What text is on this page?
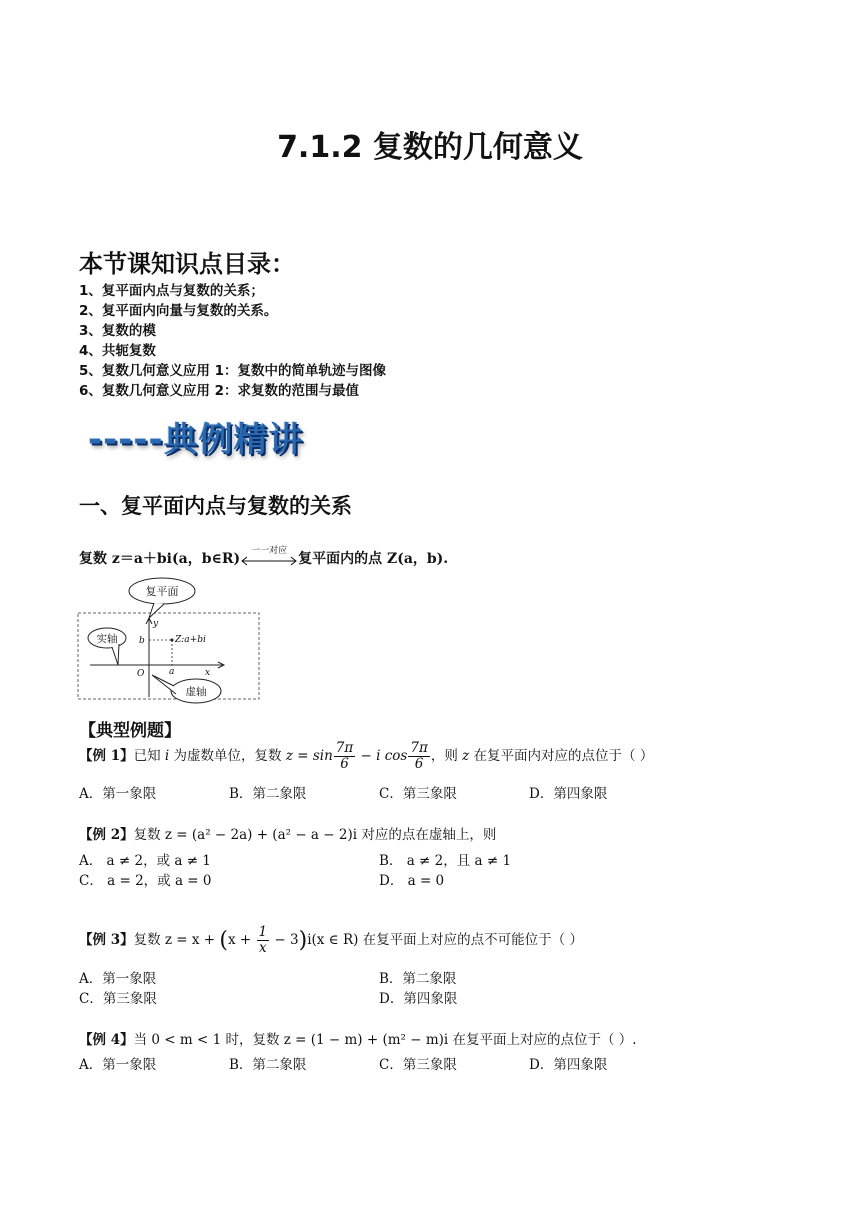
7.1.2 复数的几何意义
本节课知识点目录：
1、复平面内点与复数的关系；
2、复平面内向量与复数的关系。
3、复数的模
4、共轭复数
5、复数几何意义应用 1：复数中的简单轨迹与图像
6、复数几何意义应用 2：求复数的范围与最值
-----典例精讲
一、复平面内点与复数的关系
复数 z＝a＋bi(a，b∈R)	一一对应 复平面内的点 Z(a，b).
复平面
实轴
虚轴
y
x
O	a
b	Z:a+bi
【典型例题】
【例 1】已知 i 为虚数单位，复数 $z = \sin \frac{7\pi}{6} - i$ $\cos \frac{7\pi}{6}$ ，则 z 在复平面内对应的点位于（ ）
A．第一象限	B．第二象限	C．第三象限	D．第四象限
【例 2】复数 z = (a² − 2a) + (a² − a − 2)i 对应的点在虚轴上，则
A． a ≠ 2，或 a ≠ 1	B． a ≠ 2，且 a ≠ 1
C． a = 2，或 a = 0	D． a = 0
【例 3】复数 $z = x + (x + \frac{1}{x} - 3)i(x$ ∈ R) 在复平面上对应的点不可能位于（ ）
A．第一象限	B．第二象限
C．第三象限	D．第四象限
【例 4】当 0 < m < 1 时，复数 z = (1 − m) + (m² − m)i 在复平面上对应的点位于（ ）.
A．第一象限	B．第二象限	C．第三象限	D．第四象限
